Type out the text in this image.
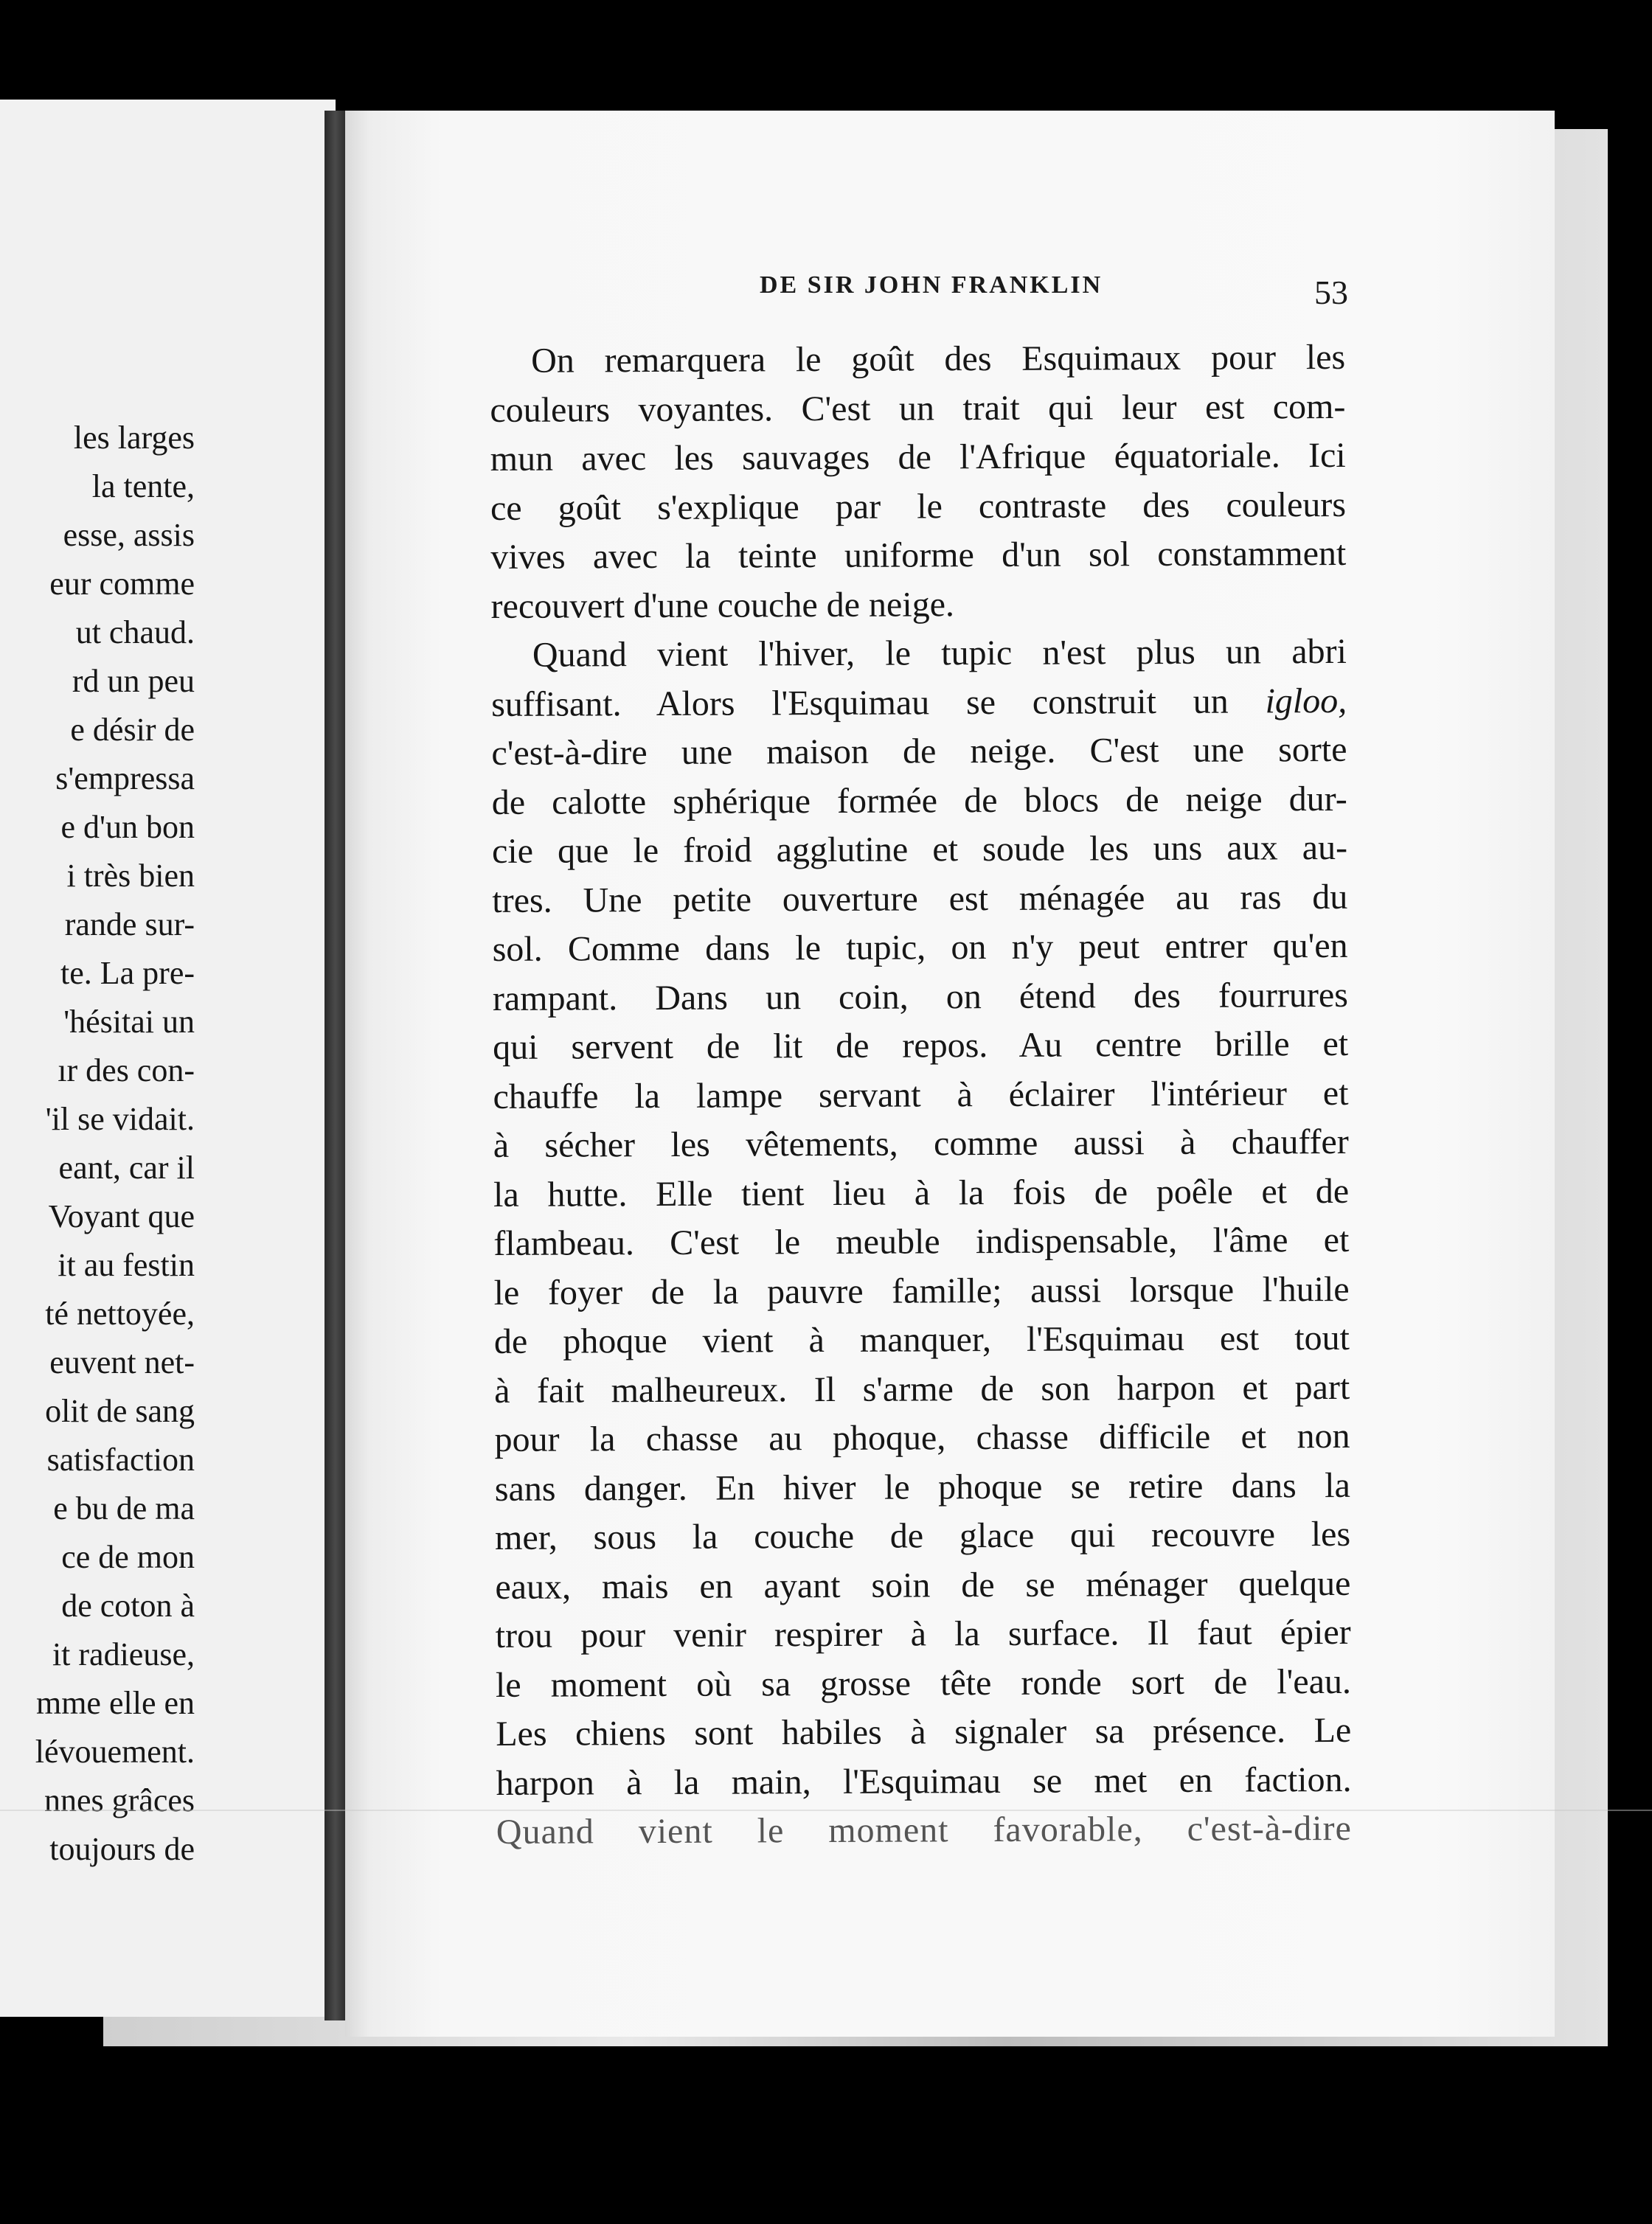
les larges
la tente,
esse, assis
eur comme
ut chaud.
rd un peu
e désir de
s'empressa
e d'un bon
i très bien
rande sur-
te. La pre-
'hésitai un
ır des con-
'il se vidait.
eant, car il
Voyant que
it au festin
té nettoyée,
euvent net-
olit de sang
satisfaction
e bu de ma
ce de mon
de coton à
it radieuse,
mme elle en
lévouement.
nnes grâces
toujours de
DE SIR JOHN FRANKLIN	53
On remarquera le goût des Esquimaux pour les
couleurs voyantes. C'est un trait qui leur est com-
mun avec les sauvages de l'Afrique équatoriale. Ici
ce goût s'explique par le contraste des couleurs
vives avec la teinte uniforme d'un sol constamment
recouvert d'une couche de neige.
Quand vient l'hiver, le tupic n'est plus un abri
suffisant. Alors l'Esquimau se construit un igloo,
c'est-à-dire une maison de neige. C'est une sorte
de calotte sphérique formée de blocs de neige dur-
cie que le froid agglutine et soude les uns aux au-
tres. Une petite ouverture est ménagée au ras du
sol. Comme dans le tupic, on n'y peut entrer qu'en
rampant. Dans un coin, on étend des fourrures
qui servent de lit de repos. Au centre brille et
chauffe la lampe servant à éclairer l'intérieur et
à sécher les vêtements, comme aussi à chauffer
la hutte. Elle tient lieu à la fois de poêle et de
flambeau. C'est le meuble indispensable, l'âme et
le foyer de la pauvre famille; aussi lorsque l'huile
de phoque vient à manquer, l'Esquimau est tout
à fait malheureux. Il s'arme de son harpon et part
pour la chasse au phoque, chasse difficile et non
sans danger. En hiver le phoque se retire dans la
mer, sous la couche de glace qui recouvre les
eaux, mais en ayant soin de se ménager quelque
trou pour venir respirer à la surface. Il faut épier
le moment où sa grosse tête ronde sort de l'eau.
Les chiens sont habiles à signaler sa présence. Le
harpon à la main, l'Esquimau se met en faction.
Quand vient le moment favorable, c'est-à-dire
